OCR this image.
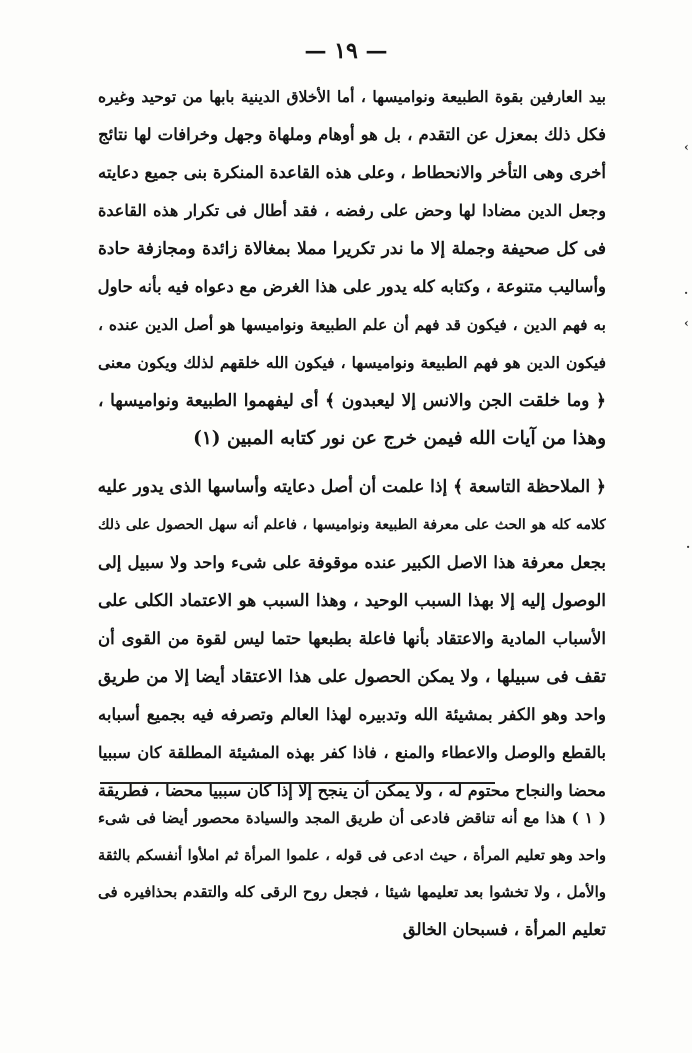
— ١٩ —
›
·
›
·
بيد العارفين بقوة الطبيعة ونواميسها ، أما الأخلاق الدينية بابها من توحيد وغيره
فكل ذلك بمعزل عن التقدم ، بل هو أوهام وملهاة وجهل وخرافات لها نتائج
أخرى وهى التأخر والانحطاط ، وعلى هذه القاعدة المنكرة بنى جميع دعايته
وجعل الدين مضادا لها وحض على رفضه ، فقد أطال فى تكرار هذه القاعدة
فى كل صحيفة وجملة إلا ما ندر تكريرا مملا بمغالاة زائدة ومجازفة حادة
وأساليب متنوعة ، وكتابه كله يدور على هذا الغرض مع دعواه فيه بأنه حاول
به فهم الدين ، فيكون قد فهم أن علم الطبيعة ونواميسها هو أصل الدين عنده ،
فيكون الدين هو فهم الطبيعة ونواميسها ، فيكون الله خلقهم لذلك ويكون معنى
﴿ وما خلقت الجن والانس إلا ليعبدون ﴾ أى ليفهموا الطبيعة ونواميسها ،
وهذا من آيات الله فيمن خرج عن نور كتابه المبين (١)
﴿ الملاحظة التاسعة ﴾ إذا علمت أن أصل دعايته وأساسها الذى يدور عليه
كلامه كله هو الحث على معرفة الطبيعة ونواميسها ، فاعلم أنه سهل الحصول على ذلك
بجعل معرفة هذا الاصل الكبير عنده موقوفة على شىء واحد ولا سبيل إلى
الوصول إليه إلا بهذا السبب الوحيد ، وهذا السبب هو الاعتماد الكلى على
الأسباب المادية والاعتقاد بأنها فاعلة بطبعها حتما ليس لقوة من القوى أن
تقف فى سبيلها ، ولا يمكن الحصول على هذا الاعتقاد أيضا إلا من طريق
واحد وهو الكفر بمشيئة الله وتدبيره لهذا العالم وتصرفه فيه بجميع أسبابه
بالقطع والوصل والاعطاء والمنع ، فاذا كفر بهذه المشيئة المطلقة كان سببيا
محضا والنجاح محتوم له ، ولا يمكن أن ينجح إلا إذا كان سببيا محضا ، فطريقة
( ١ ) هذا مع أنه تناقض فادعى أن طريق المجد والسيادة محصور أيضا فى شىء
واحد وهو تعليم المرأة ، حيث ادعى فى قوله ، علموا المرأة ثم املأوا أنفسكم بالثقة
والأمل ، ولا تخشوا بعد تعليمها شيئا ، فجعل روح الرقى كله والتقدم بحذافيره فى
تعليم المرأة ، فسبحان الخالق
